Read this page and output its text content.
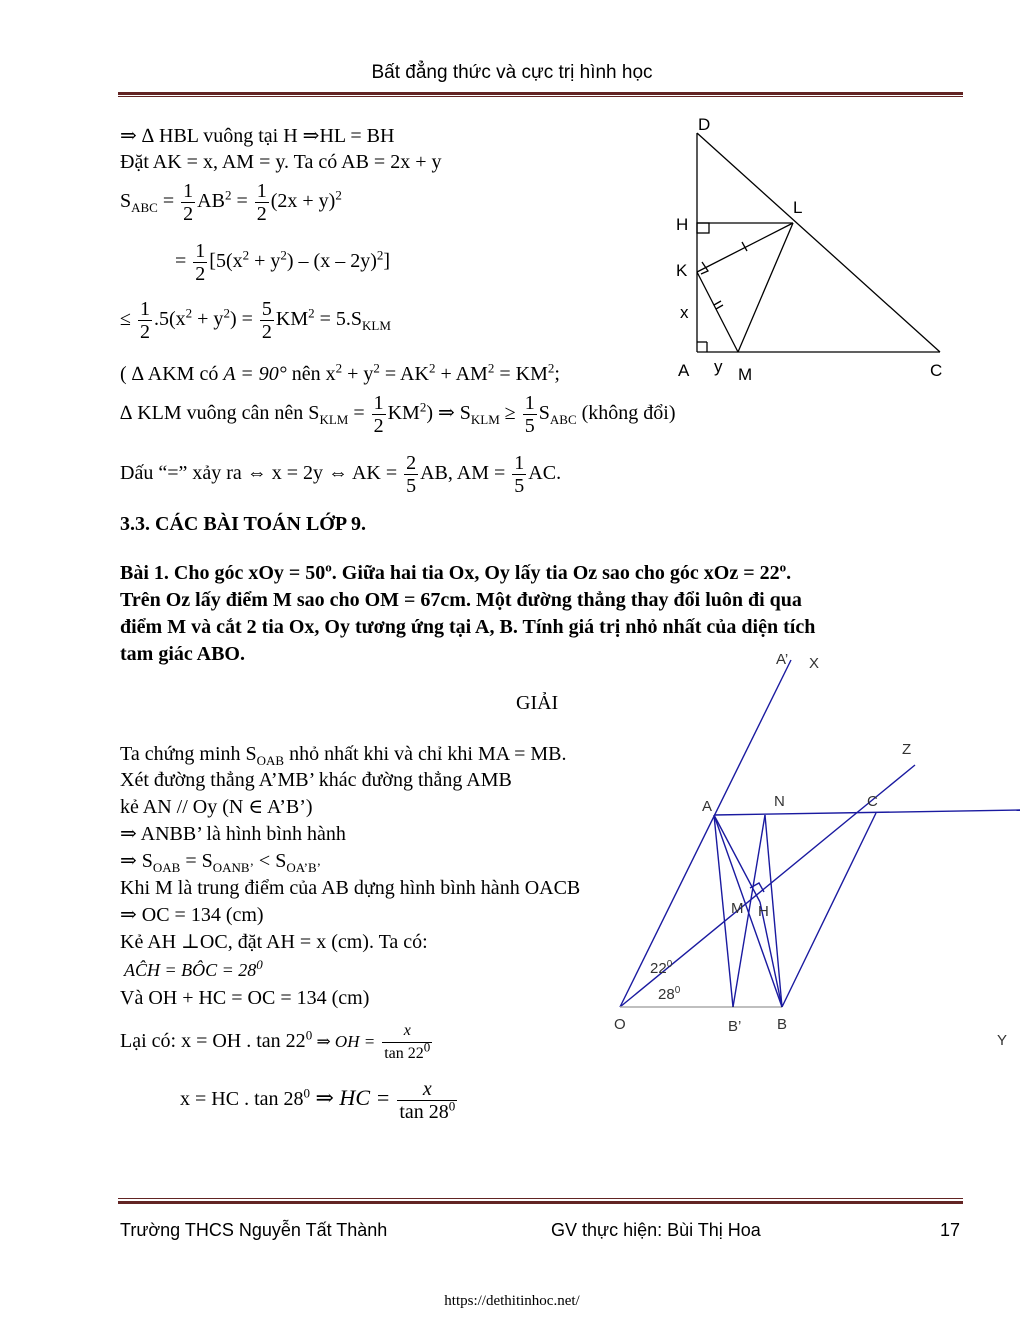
Bất đẳng thức và cực trị hình học
⇒ ∆ HBL vuông tại H ⇒HL = BH
Đặt AK = x, AM = y. Ta có AB = 2x + y
$S_{ABC} = \frac{1}{2} AB^2 = \frac{1}{2} (2x + y)^2$
= $\frac{1}{2} [5(x^2 + y^2) - (x - 2y)^2]$
≤ $\frac{1}{2} .5(x^2 + y^2) = \frac{5}{2} KM^2 = 5.S_{KLM}$
( ∆ AKM có A = 90° nên $x^2 + y^2 = AK^2 + AM^2 = KM^2$;
∆ KLM vuông cân nên $S_{KLM} = \frac{1}{2} KM^2$) ⇒ $S_{KLM} \ge \frac{1}{5} S_{ABC}$ (không đổi)
Dấu “=” xảy ra ⇔ x = 2y ⇔ AK = $\frac{2}{5}$ AB, AM = $\frac{1}{5}$ AC.
D
H
L
K
x
A y M	C
3.3. CÁC BÀI TOÁN LỚP 9.
Bài 1. Cho góc xOy = $50^o$. Giữa hai tia Ox, Oy lấy tia Oz sao cho góc xOz = $22^o$.
Trên Oz lấy điểm M sao cho OM = 67cm. Một đường thẳng thay đổi luôn đi qua
điểm M và cắt 2 tia Ox, Oy tương ứng tại A, B. Tính giá trị nhỏ nhất của diện tích
tam giác ABO.
GIẢI
Ta chứng minh $S_{OAB}$ nhỏ nhất khi và chỉ khi MA = MB.
Xét đường thẳng A’MB’ khác đường thẳng AMB
kẻ AN // Oy (N ∈ A’B’)
⇒ ANBB’ là hình bình hành
⇒ $S_{OAB} = S_{OANB’} < S_{OA’B’}$
Khi M là trung điểm của AB dựng hình bình hành OACB
⇒ OC = 134 (cm)
Kẻ AH ⊥OC, đặt AH = x (cm). Ta có:
AĈH = BÔC = $28^0$
Và OH + HC = OC = 134 (cm)
Lại có: x = OH . $\tan 22^0$ ⇒ OH = $\frac{x}{\tan 22^0}$
x = HC . $\tan 28^0$ ⇒ HC = $\frac{x}{\tan 28^0}$
A’ X
Z
A	N	C
M H
$22^0$
$28^0$
O	B’ B
Y
Trường THCS Nguyễn Tất Thành	GV thực hiện: Bùi Thị Hoa	17
https://dethitinhoc.net/
